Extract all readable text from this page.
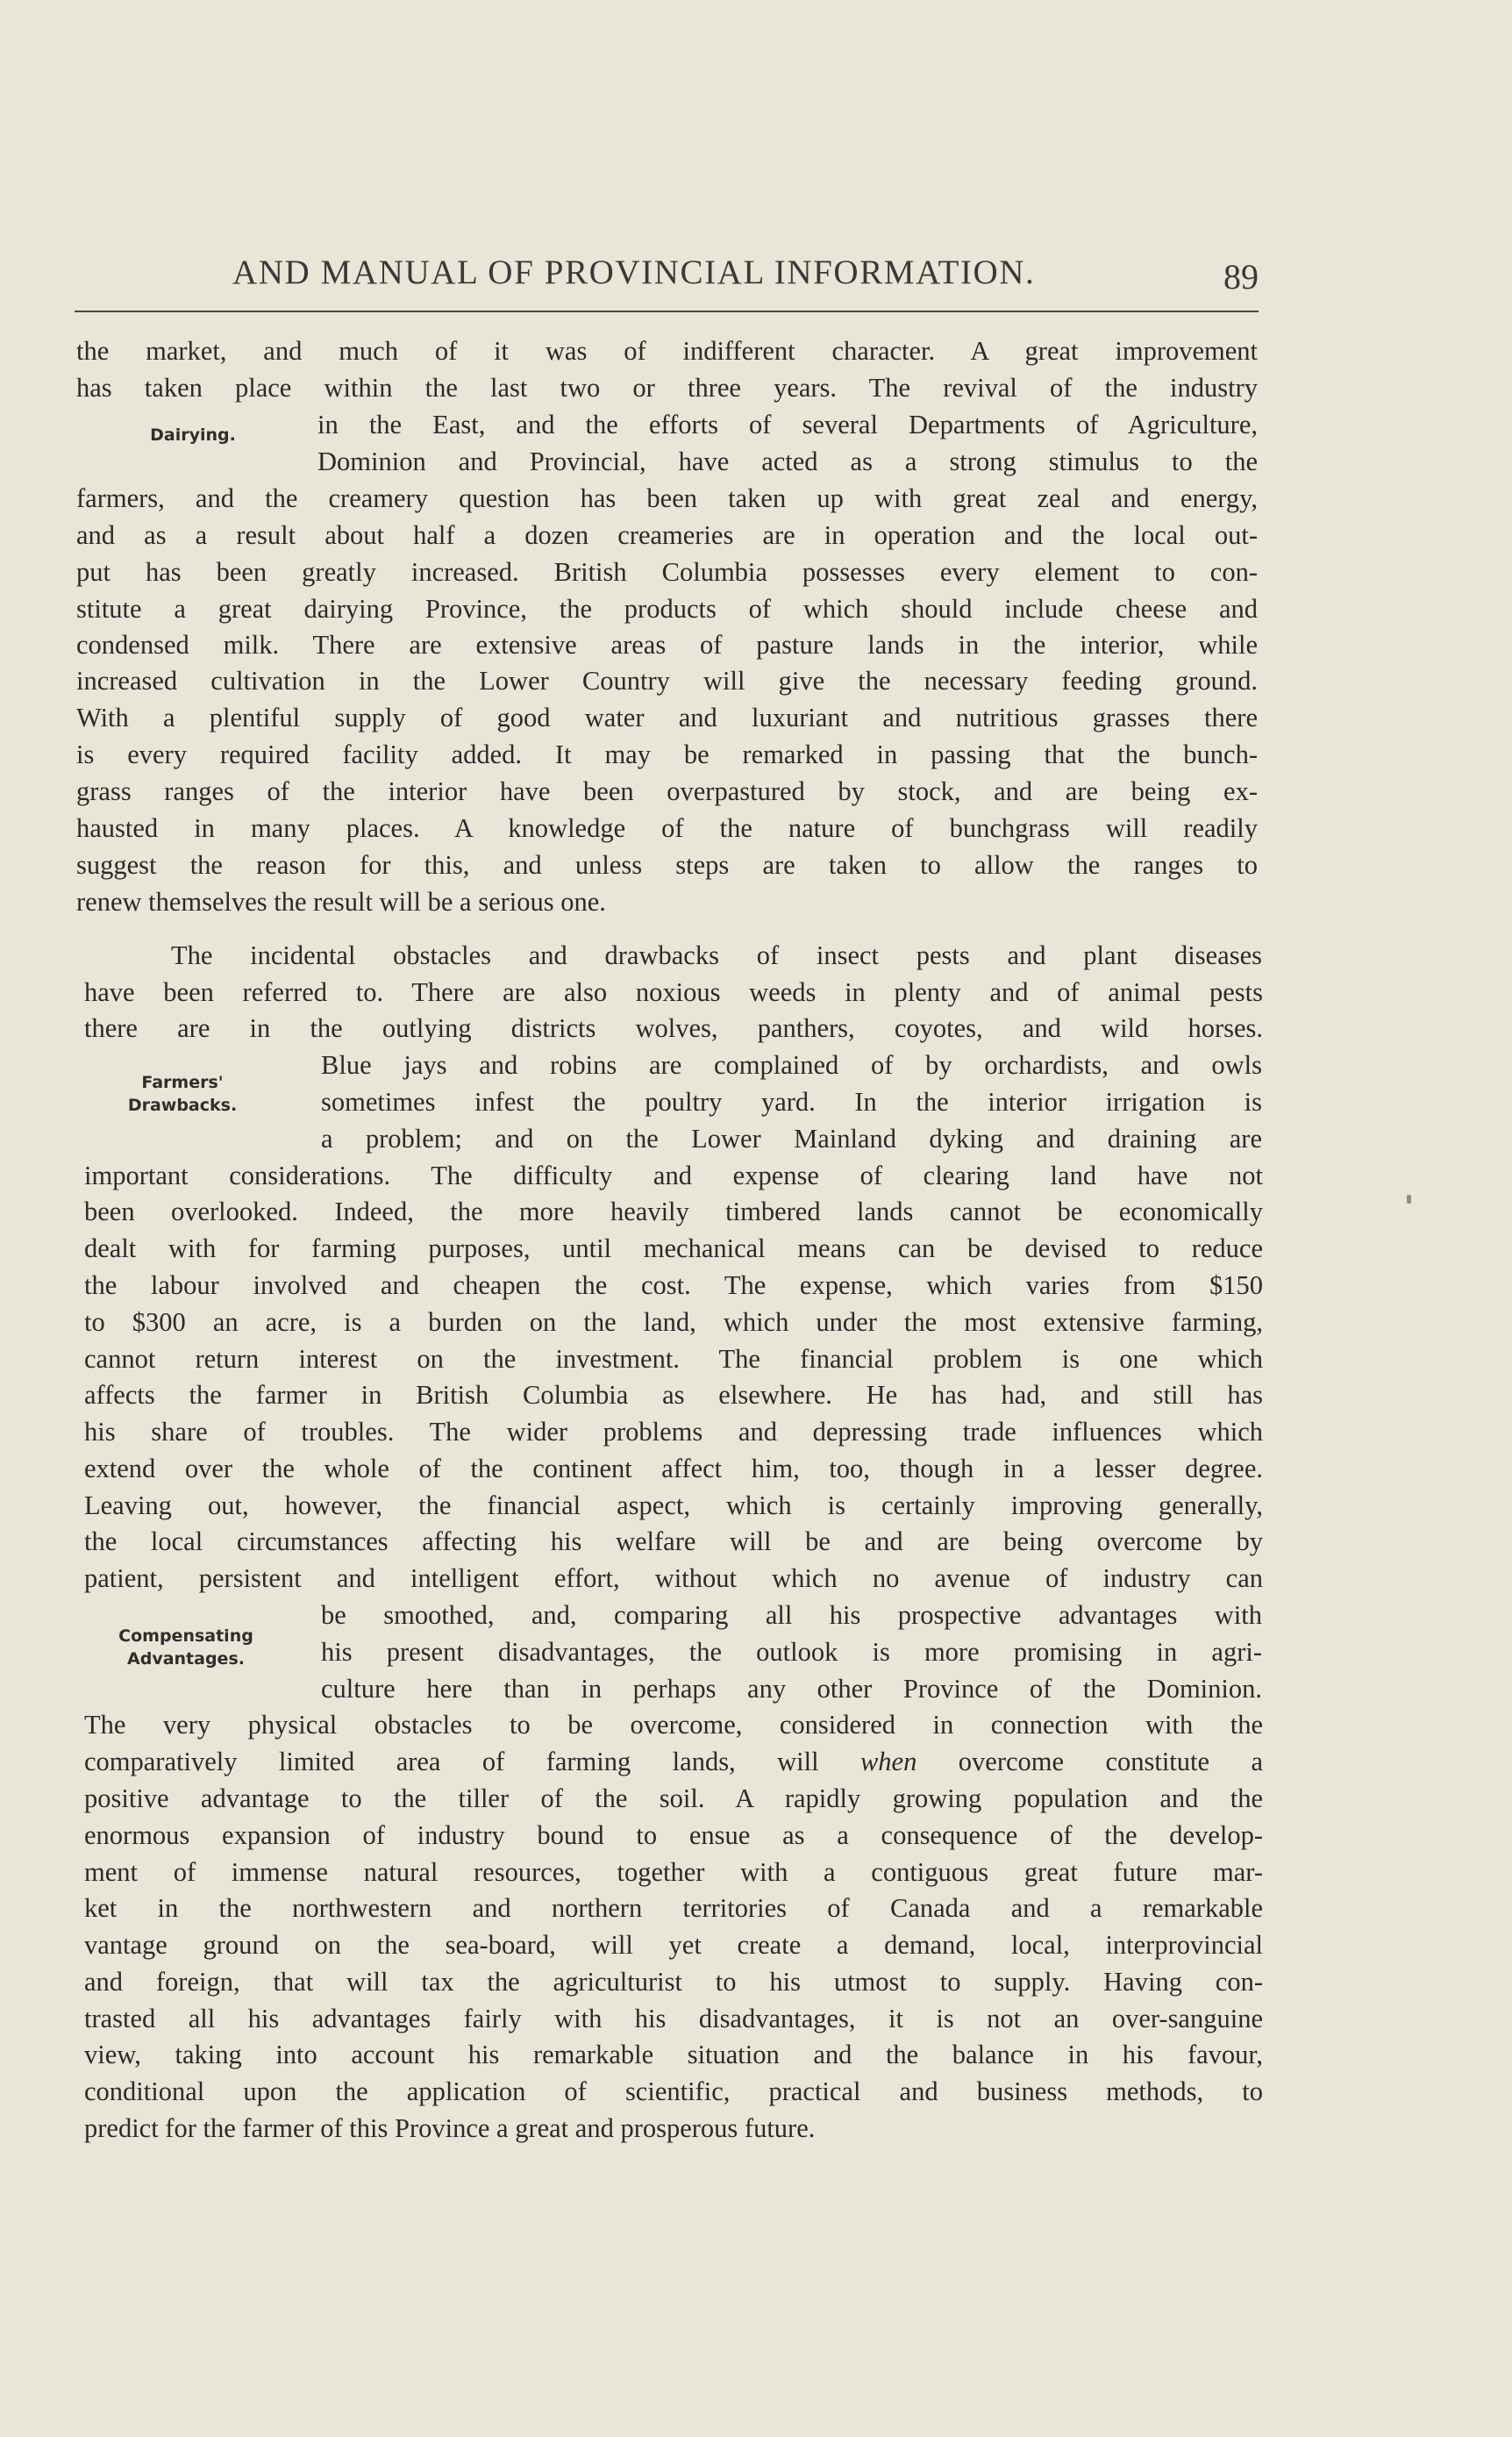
AND MANUAL OF PROVINCIAL INFORMATION.	89
Dairying.
Farmers'
Drawbacks.
Compensating
Advantages.
the market, and much of it was of indifferent character. A great improvement
has taken place within the last two or three years. The revival of the industry
in the East, and the efforts of several Departments of Agriculture,
Dominion and Provincial, have acted as a strong stimulus to the
farmers, and the creamery question has been taken up with great zeal and energy,
and as a result about half a dozen creameries are in operation and the local out-
put has been greatly increased. British Columbia possesses every element to con-
stitute a great dairying Province, the products of which should include cheese and
condensed milk. There are extensive areas of pasture lands in the interior, while
increased cultivation in the Lower Country will give the necessary feeding ground.
With a plentiful supply of good water and luxuriant and nutritious grasses there
is every required facility added. It may be remarked in passing that the bunch-
grass ranges of the interior have been overpastured by stock, and are being ex-
hausted in many places. A knowledge of the nature of bunchgrass will readily
suggest the reason for this, and unless steps are taken to allow the ranges to
renew themselves the result will be a serious one.
The incidental obstacles and drawbacks of insect pests and plant diseases
have been referred to. There are also noxious weeds in plenty and of animal pests
there are in the outlying districts wolves, panthers, coyotes, and wild horses.
Blue jays and robins are complained of by orchardists, and owls
sometimes infest the poultry yard. In the interior irrigation is
a problem; and on the Lower Mainland dyking and draining are
important considerations. The difficulty and expense of clearing land have not
been overlooked. Indeed, the more heavily timbered lands cannot be economically
dealt with for farming purposes, until mechanical means can be devised to reduce
the labour involved and cheapen the cost. The expense, which varies from $150
to $300 an acre, is a burden on the land, which under the most extensive farming,
cannot return interest on the investment. The financial problem is one which
affects the farmer in British Columbia as elsewhere. He has had, and still has
his share of troubles. The wider problems and depressing trade influences which
extend over the whole of the continent affect him, too, though in a lesser degree.
Leaving out, however, the financial aspect, which is certainly improving generally,
the local circumstances affecting his welfare will be and are being overcome by
patient, persistent and intelligent effort, without which no avenue of industry can
be smoothed, and, comparing all his prospective advantages with
his present disadvantages, the outlook is more promising in agri-
culture here than in perhaps any other Province of the Dominion.
The very physical obstacles to be overcome, considered in connection with the
comparatively limited area of farming lands, will when overcome constitute a
positive advantage to the tiller of the soil. A rapidly growing population and the
enormous expansion of industry bound to ensue as a consequence of the develop-
ment of immense natural resources, together with a contiguous great future mar-
ket in the northwestern and northern territories of Canada and a remarkable
vantage ground on the sea-board, will yet create a demand, local, interprovincial
and foreign, that will tax the agriculturist to his utmost to supply. Having con-
trasted all his advantages fairly with his disadvantages, it is not an over-sanguine
view, taking into account his remarkable situation and the balance in his favour,
conditional upon the application of scientific, practical and business methods, to
predict for the farmer of this Province a great and prosperous future.
